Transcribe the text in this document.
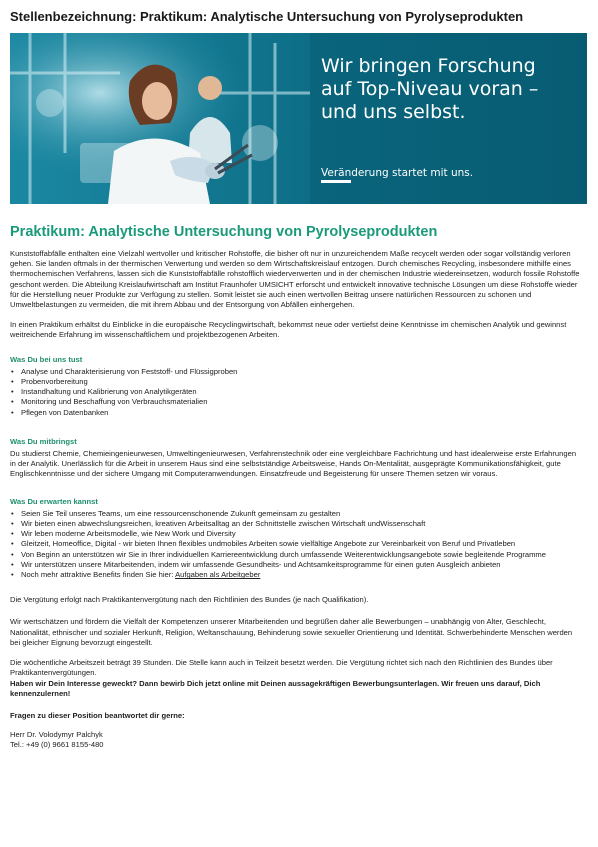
Stellenbezeichnung: Praktikum: Analytische Untersuchung von Pyrolyseprodukten
Wir bringen Forschung
auf Top-Niveau voran –
und uns selbst.
Veränderung startet mit uns.
Praktikum: Analytische Untersuchung von Pyrolyseprodukten

Kunststoffabfälle enthalten eine Vielzahl wertvoller und kritischer Rohstoffe, die bisher oft nur in unzureichendem Maße recycelt werden oder sogar vollständig verloren gehen. Sie landen oftmals in der thermischen Verwertung und werden so dem Wirtschaftskreislauf entzogen. Durch chemisches Recycling, insbesondere mithilfe eines thermochemischen Verfahrens, lassen sich die Kunststoffabfälle rohstofflich wiederverwerten und in der chemischen Industrie wiedereinsetzen, wodurch fossile Rohstoffe geschont werden. Die Abteilung Kreislaufwirtschaft am Institut Fraunhofer UMSICHT erforscht und entwickelt innovative technische Lösungen um diese Rohstoffe wieder für die Herstellung neuer Produkte zur Verfügung zu stellen. Somit leistet sie auch einen wertvollen Beitrag unsere natürlichen Ressourcen zu schonen und Umweltbelastungen zu vermeiden, die mit ihrem Abbau und der Entsorgung von Abfällen einhergehen.

In einen Praktikum erhältst du Einblicke in die europäische Recyclingwirtschaft, bekommst neue oder vertiefst deine Kenntnisse im chemischen Analytik und gewinnst weitreichende Erfahrung im wissenschaftlichem und projektbezogenen Arbeiten.

Was Du bei uns tust
• Analyse und Charakterisierung von Feststoff- und Flüssigproben
• Probenvorbereitung
• Instandhaltung und Kalibrierung von Analytikgeräten
• Monitoring und Beschaffung von Verbrauchsmaterialien
• Pflegen von Datenbanken
Was Du mitbringst

Du studierst Chemie, Chemieingenieurwesen, Umweltingenieurwesen, Verfahrenstechnik oder eine vergleichbare Fachrichtung und hast idealerweise erste Erfahrungen in der Analytik. Unerlässlich für die Arbeit in unserem Haus sind eine selbstständige Arbeitsweise, Hands On-Mentalität, ausgeprägte Kommunikationsfähigkeit, gute Englischkenntnisse und der sichere Umgang mit Computeranwendungen. Einsatzfreude und Begeisterung für unsere Themen setzen wir voraus.

Was Du erwarten kannst
• Seien Sie Teil unseres Teams, um eine ressourcenschonende Zukunft gemeinsam zu gestalten
• Wir bieten einen abwechslungsreichen, kreativen Arbeitsalltag an der Schnittstelle zwischen Wirtschaft undWissenschaft
• Wir leben moderne Arbeitsmodelle, wie New Work und Diversity
• Gleitzeit, Homeoffice, Digital - wir bieten Ihnen flexibles undmobiles Arbeiten sowie vielfältige Angebote zur Vereinbarkeit von Beruf und Privatleben
• Von Beginn an unterstützen wir Sie in Ihrer individuellen Karriereentwicklung durch umfassende Weiterentwicklungsangebote sowie begleitende Programme
• Wir unterstützen unsere Mitarbeitenden, indem wir umfassende Gesundheits- und Achtsamkeitsprogramme für einen guten Ausgleich anbieten
• Noch mehr attraktive Benefits finden Sie hier: Aufgaben als Arbeitgeber

Die Vergütung erfolgt nach Praktikantenvergütung nach den Richtlinien des Bundes (je nach Qualifikation).

Wir wertschätzen und fördern die Vielfalt der Kompetenzen unserer Mitarbeitenden und begrüßen daher alle Bewerbungen – unabhängig von Alter, Geschlecht, Nationalität, ethnischer und sozialer Herkunft, Religion, Weltanschauung, Behinderung sowie sexueller Orientierung und Identität. Schwerbehinderte Menschen werden bei gleicher Eignung bevorzugt eingestellt.

Die wöchentliche Arbeitszeit beträgt 39 Stunden. Die Stelle kann auch in Teilzeit besetzt werden. Die Vergütung richtet sich nach den Richtlinien des Bundes über Praktikantenvergütungen.

Haben wir Dein Interesse geweckt? Dann bewirb Dich jetzt online mit Deinen aussagekräftigen Bewerbungsunterlagen. Wir freuen uns darauf, Dich kennenzulernen!

Fragen zu dieser Position beantwortet dir gerne:

Herr Dr. Volodymyr Palchyk
Tel.: +49 (0) 9661 8155-480
